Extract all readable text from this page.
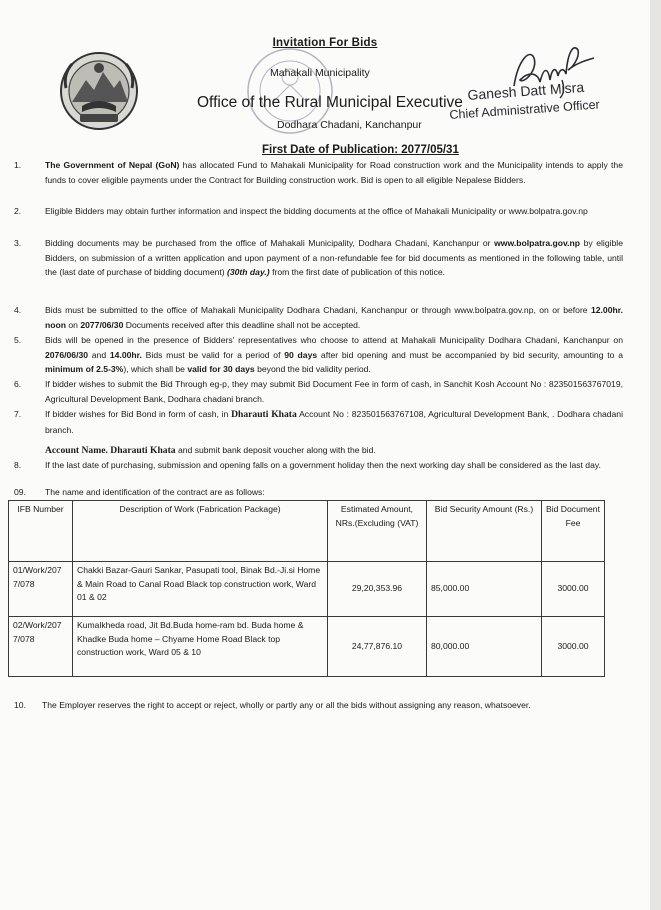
Invitation For Bids
Mahakali Municipality
Office of the Rural Municipal Executive
Dodhara Chadani, Kanchanpur
Ganesh Datt Misra
Chief Administrative Officer
First Date of Publication: 2077/05/31
1.	The Government of Nepal (GoN) has allocated Fund to Mahakali Municipality for Road construction work and the Municipality intends to apply the funds to cover eligible payments under the Contract for Building construction work. Bid is open to all eligible Nepalese Bidders.
2.	Eligible Bidders may obtain further information and inspect the bidding documents at the office of Mahakali Municipality or www.bolpatra.gov.np
3.	Bidding documents may be purchased from the office of Mahakali Municipality, Dodhara Chadani, Kanchanpur or www.bolpatra.gov.np by eligible Bidders, on submission of a written application and upon payment of a non-refundable fee for bid documents as mentioned in the following table, until the (last date of purchase of bidding document) (30th day.) from the first date of publication of this notice.
4.	Bids must be submitted to the office of Mahakali Municipality Dodhara Chadani, Kanchanpur or through www.bolpatra.gov.np, on or before 12.00hr. noon on 2077/06/30 Documents received after this deadline shall not be accepted.
5.	Bids will be opened in the presence of Bidders' representatives who choose to attend at Mahakali Municipality Dodhara Chadani, Kanchanpur on 2076/06/30 and 14.00hr. Bids must be valid for a period of 90 days after bid opening and must be accompanied by bid security, amounting to a minimum of 2.5-3%), which shall be valid for 30 days beyond the bid validity period.
6.	If bidder wishes to submit the Bid Through eg-p, they may submit Bid Document Fee in form of cash, in Sanchit Kosh Account No : 823501563767019, Agricultural Development Bank, Dodhara chadani branch.
7.	If bidder wishes for Bid Bond in form of cash, in Dharauti Khata Account No : 823501563767108, Agricultural Development Bank, . Dodhara chadani branch.
Account Name. Dharauti Khata and submit bank deposit voucher along with the bid.
8.	If the last date of purchasing, submission and opening falls on a government holiday then the next working day shall be considered as the last day.
09. The name and identification of the contract are as follows:
IFB Number	Description of Work (Fabrication Package)	Estimated Amount, NRs.(Excluding (VAT)	Bid Security Amount (Rs.)	Bid Document Fee
01/Work/207 7/078	Chakki Bazar-Gauri Sankar, Pasupati tool, Binak Bd.-Ji.si Home & Main Road to Canal Road Black top construction work, Ward 01 & 02	29,20,353.96	85,000.00	3000.00
02/Work/207 7/078	Kumalkheda road, Jit Bd.Buda home-ram bd. Buda home & Khadke Buda home – Chyame Home Road Black top construction work, Ward 05 & 10	24,77,876.10	80,000.00	3000.00
10. The Employer reserves the right to accept or reject, wholly or partly any or all the bids without assigning any reason, whatsoever.
